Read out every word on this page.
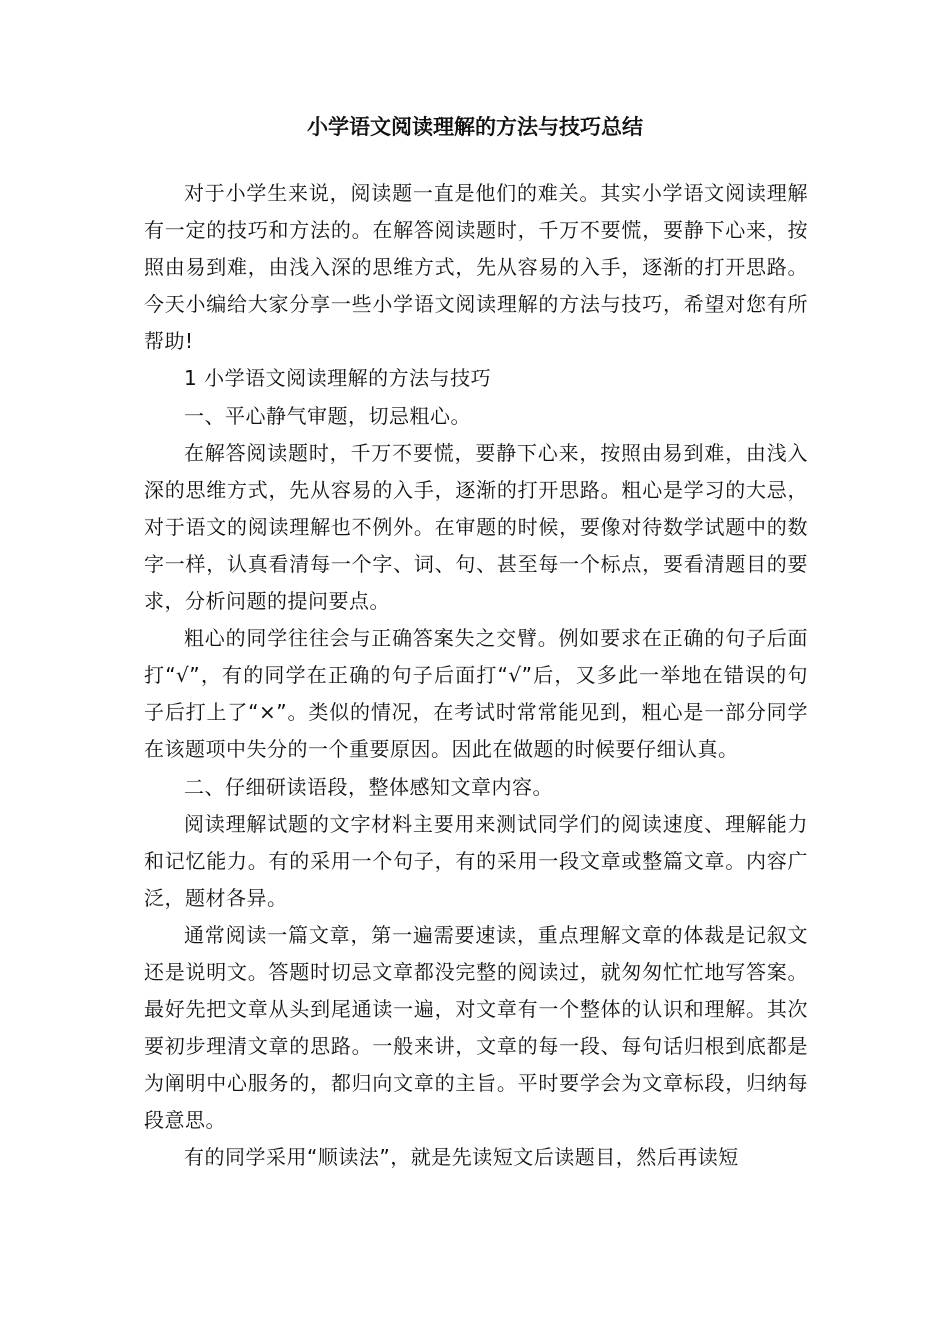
小学语文阅读理解的方法与技巧总结

对于小学生来说，阅读题一直是他们的难关。其实小学语文阅读理解有一定的技巧和方法的。在解答阅读题时，千万不要慌，要静下心来，按照由易到难，由浅入深的思维方式，先从容易的入手，逐渐的打开思路。今天小编给大家分享一些小学语文阅读理解的方法与技巧，希望对您有所帮助!

1 小学语文阅读理解的方法与技巧

一、平心静气审题，切忌粗心。

在解答阅读题时，千万不要慌，要静下心来，按照由易到难，由浅入深的思维方式，先从容易的入手，逐渐的打开思路。粗心是学习的大忌，对于语文的阅读理解也不例外。在审题的时候，要像对待数学试题中的数字一样，认真看清每一个字、词、句、甚至每一个标点，要看清题目的要求，分析问题的提问要点。

粗心的同学往往会与正确答案失之交臂。例如要求在正确的句子后面打“√”，有的同学在正确的句子后面打“√”后，又多此一举地在错误的句子后打上了“×”。类似的情况，在考试时常常能见到，粗心是一部分同学在该题项中失分的一个重要原因。因此在做题的时候要仔细认真。

二、仔细研读语段，整体感知文章内容。

阅读理解试题的文字材料主要用来测试同学们的阅读速度、理解能力和记忆能力。有的采用一个句子，有的采用一段文章或整篇文章。内容广泛，题材各异。

通常阅读一篇文章，第一遍需要速读，重点理解文章的体裁是记叙文还是说明文。答题时切忌文章都没完整的阅读过，就匆匆忙忙地写答案。最好先把文章从头到尾通读一遍，对文章有一个整体的认识和理解。其次要初步理清文章的思路。一般来讲，文章的每一段、每句话归根到底都是为阐明中心服务的，都归向文章的主旨。平时要学会为文章标段，归纳每段意思。

有的同学采用“顺读法”，就是先读短文后读题目，然后再读短
